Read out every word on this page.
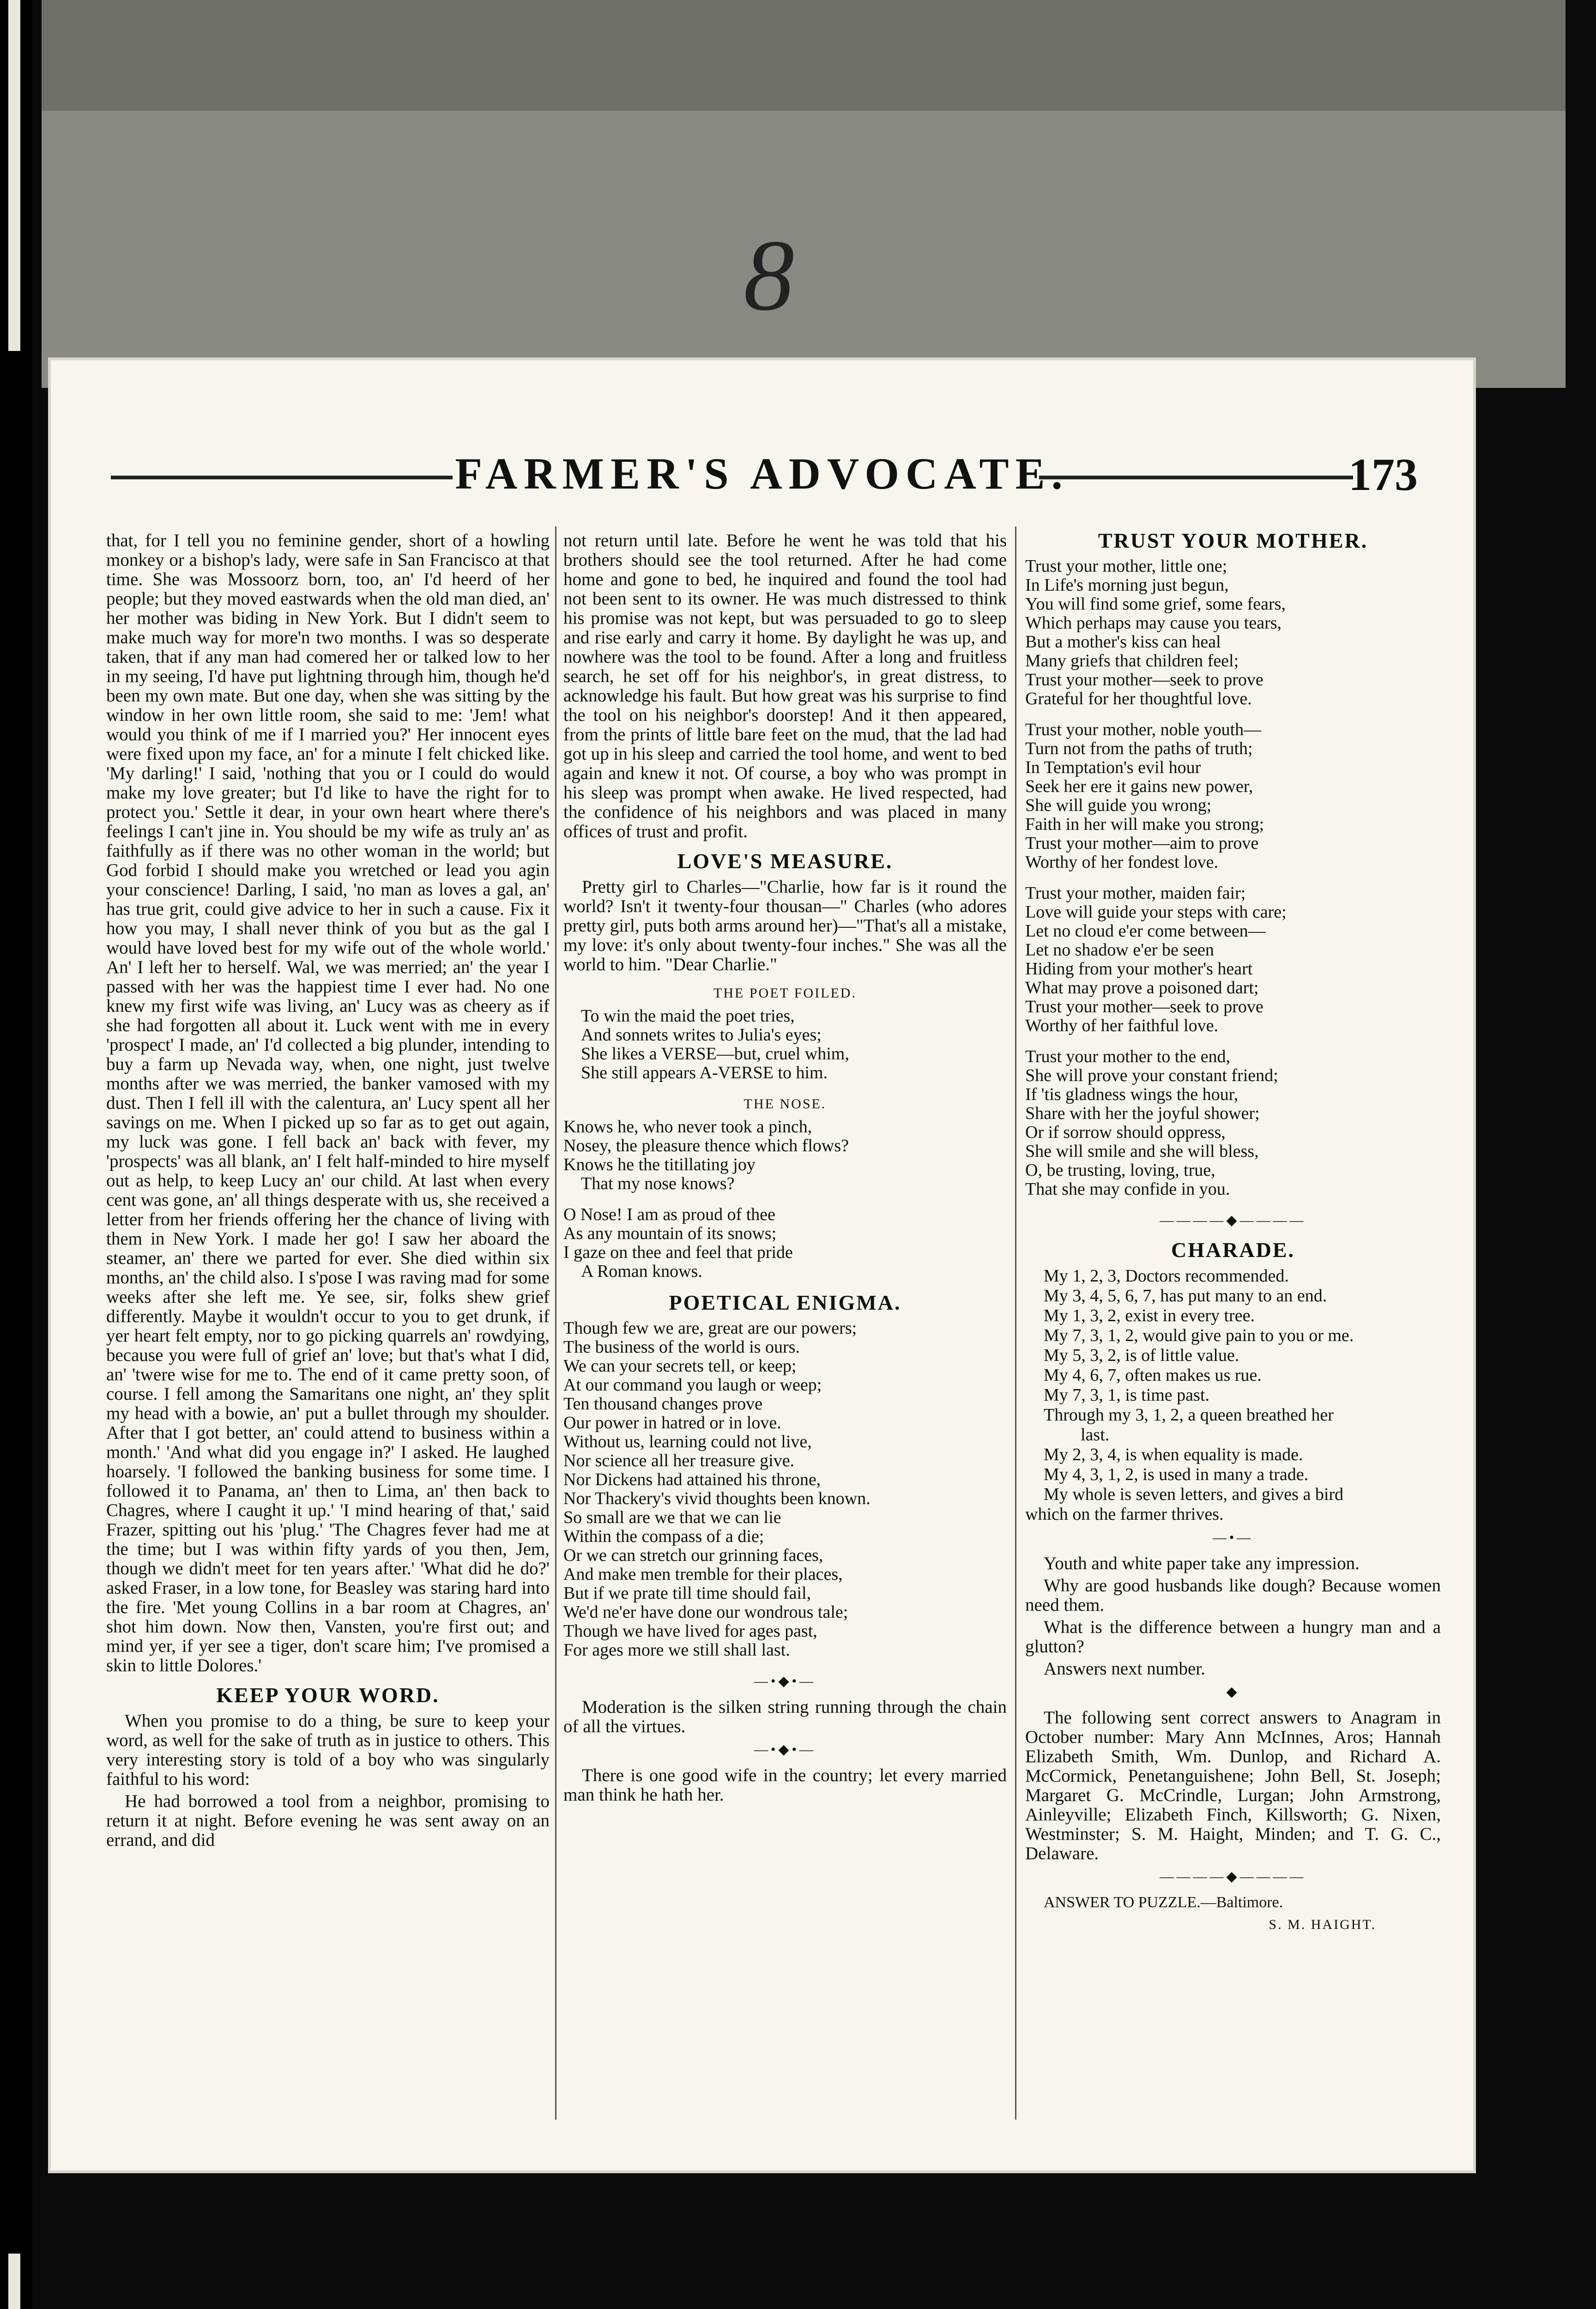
8
FARMER'S ADVOCATE.	173

that, for I tell you no feminine gender, short of a howling monkey or a bishop's lady, were safe in San Francisco at that time. She was Mossoorz born, too, an' I'd heerd of her people; but they moved eastwards when the old man died, an' her mother was biding in New York. But I didn't seem to make much way for more'n two months. I was so desperate taken, that if any man had comered her or talked low to her in my seeing, I'd have put lightning through him, though he'd been my own mate. But one day, when she was sitting by the window in her own little room, she said to me: 'Jem! what would you think of me if I married you?' Her innocent eyes were fixed upon my face, an' for a minute I felt chicked like. 'My darling!' I said, 'nothing that you or I could do would make my love greater; but I'd like to have the right for to protect you.' Settle it dear, in your own heart where there's feelings I can't jine in. You should be my wife as truly an' as faithfully as if there was no other woman in the world; but God forbid I should make you wretched or lead you agin your conscience! Darling, I said, 'no man as loves a gal, an' has true grit, could give advice to her in such a cause. Fix it how you may, I shall never think of you but as the gal I would have loved best for my wife out of the whole world.' An' I left her to herself. Wal, we was merried; an' the year I passed with her was the happiest time I ever had. No one knew my first wife was living, an' Lucy was as cheery as if she had forgotten all about it. Luck went with me in every 'prospect' I made, an' I'd collected a big plunder, intending to buy a farm up Nevada way, when, one night, just twelve months after we was merried, the banker vamosed with my dust. Then I fell ill with the calentura, an' Lucy spent all her savings on me. When I picked up so far as to get out again, my luck was gone. I fell back an' back with fever, my 'prospects' was all blank, an' I felt half-minded to hire myself out as help, to keep Lucy an' our child. At last when every cent was gone, an' all things desperate with us, she received a letter from her friends offering her the chance of living with them in New York. I made her go! I saw her aboard the steamer, an' there we parted for ever. She died within six months, an' the child also. I s'pose I was raving mad for some weeks after she left me. Ye see, sir, folks shew grief differently. Maybe it wouldn't occur to you to get drunk, if yer heart felt empty, nor to go picking quarrels an' rowdying, because you were full of grief an' love; but that's what I did, an' 'twere wise for me to. The end of it came pretty soon, of course. I fell among the Samaritans one night, an' they split my head with a bowie, an' put a bullet through my shoulder. After that I got better, an' could attend to business within a month.' 'And what did you engage in?' I asked. He laughed hoarsely. 'I followed the banking business for some time. I followed it to Panama, an' then to Lima, an' then back to Chagres, where I caught it up.' 'I mind hearing of that,' said Frazer, spitting out his 'plug.' 'The Chagres fever had me at the time; but I was within fifty yards of you then, Jem, though we didn't meet for ten years after.' 'What did he do?' asked Fraser, in a low tone, for Beasley was staring hard into the fire. 'Met young Collins in a bar room at Chagres, an' shot him down. Now then, Vansten, you're first out; and mind yer, if yer see a tiger, don't scare him; I've promised a skin to little Dolores.'

KEEP YOUR WORD.

When you promise to do a thing, be sure to keep your word, as well for the sake of truth as in justice to others. This very interesting story is told of a boy who was singularly faithful to his word:

He had borrowed a tool from a neighbor, promising to return it at night. Before evening he was sent away on an errand, and did

not return until late. Before he went he was told that his brothers should see the tool returned. After he had come home and gone to bed, he inquired and found the tool had not been sent to its owner. He was much distressed to think his promise was not kept, but was persuaded to go to sleep and rise early and carry it home. By daylight he was up, and nowhere was the tool to be found. After a long and fruitless search, he set off for his neighbor's, in great distress, to acknowledge his fault. But how great was his surprise to find the tool on his neighbor's doorstep! And it then appeared, from the prints of little bare feet on the mud, that the lad had got up in his sleep and carried the tool home, and went to bed again and knew it not. Of course, a boy who was prompt in his sleep was prompt when awake. He lived respected, had the confidence of his neighbors and was placed in many offices of trust and profit.

LOVE'S MEASURE.

Pretty girl to Charles—"Charlie, how far is it round the world? Isn't it twenty-four thousan—" Charles (who adores pretty girl, puts both arms around her)—"That's all a mistake, my love: it's only about twenty-four inches." She was all the world to him. "Dear Charlie."

THE POET FOILED.
To win the maid the poet tries,
And sonnets writes to Julia's eyes;
She likes a VERSE—but, cruel whim,
She still appears A-VERSE to him.
THE NOSE.
Knows he, who never took a pinch,
Nosey, the pleasure thence which flows?
Knows he the titillating joy
That my nose knows?
O Nose! I am as proud of thee
As any mountain of its snows;
I gaze on thee and feel that pride
A Roman knows.
POETICAL ENIGMA.
Though few we are, great are our powers;
The business of the world is ours.
We can your secrets tell, or keep;
At our command you laugh or weep;
Ten thousand changes prove
Our power in hatred or in love.
Without us, learning could not live,
Nor science all her treasure give.
Nor Dickens had attained his throne,
Nor Thackery's vivid thoughts been known.
So small are we that we can lie
Within the compass of a die;
Or we can stretch our grinning faces,
And make men tremble for their places,
But if we prate till time should fail,
We'd ne'er have done our wondrous tale;
Though we have lived for ages past,
For ages more we still shall last.
—•◆•—

Moderation is the silken string running through the chain of all the virtues.

—•◆•—

There is one good wife in the country; let every married man think he hath her.

TRUST YOUR MOTHER.
Trust your mother, little one;
In Life's morning just begun,
You will find some grief, some fears,
Which perhaps may cause you tears,
But a mother's kiss can heal
Many griefs that children feel;
Trust your mother—seek to prove
Grateful for her thoughtful love.
Trust your mother, noble youth—
Turn not from the paths of truth;
In Temptation's evil hour
Seek her ere it gains new power,
She will guide you wrong;
Faith in her will make you strong;
Trust your mother—aim to prove
Worthy of her fondest love.
Trust your mother, maiden fair;
Love will guide your steps with care;
Let no cloud e'er come between—
Let no shadow e'er be seen
Hiding from your mother's heart
What may prove a poisoned dart;
Trust your mother—seek to prove
Worthy of her faithful love.
Trust your mother to the end,
She will prove your constant friend;
If 'tis gladness wings the hour,
Share with her the joyful shower;
Or if sorrow should oppress,
She will smile and she will bless,
O, be trusting, loving, true,
That she may confide in you.
————◆————
CHARADE.
My 1, 2, 3, Doctors recommended.
My 3, 4, 5, 6, 7, has put many to an end.
My 1, 3, 2, exist in every tree.
My 7, 3, 1, 2, would give pain to you or me.
My 5, 3, 2, is of little value.
My 4, 6, 7, often makes us rue.
My 7, 3, 1, is time past.
Through my 3, 1, 2, a queen breathed her
last.
My 2, 3, 4, is when equality is made.
My 4, 3, 1, 2, is used in many a trade.
My whole is seven letters, and gives a bird
which on the farmer thrives.
—•—

Youth and white paper take any impression.

Why are good husbands like dough? Because women need them.

What is the difference between a hungry man and a glutton?

Answers next number.

◆

The following sent correct answers to Anagram in October number: Mary Ann McInnes, Aros; Hannah Elizabeth Smith, Wm. Dunlop, and Richard A. McCormick, Penetanguishene; John Bell, St. Joseph; Margaret G. McCrindle, Lurgan; John Armstrong, Ainleyville; Elizabeth Finch, Killsworth; G. Nixen, Westminster; S. M. Haight, Minden; and T. G. C., Delaware.

————◆————

ANSWER TO PUZZLE.—Baltimore.

S. M. HAIGHT.
